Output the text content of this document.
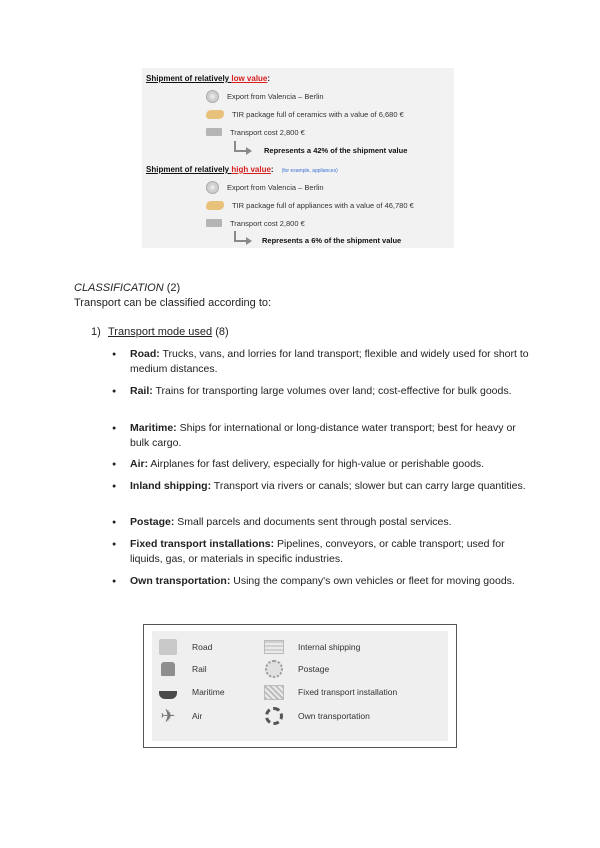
Shipment of relatively low value:
Export from Valencia – Berlin
TIR package full of ceramics with a value of 6,680 €
Transport cost 2,800 €
Represents a 42% of the shipment value
Shipment of relatively high value: (for example, appliances)
Export from Valencia – Berlin
TIR package full of appliances with a value of 46,780 €
Transport cost 2,800 €
Represents a 6% of the shipment value
CLASSIFICATION (2)
Transport can be classified according to:
1) Transport mode used (8)
● Road: Trucks, vans, and lorries for land transport; flexible and widely used for short to medium distances.
● Rail: Trains for transporting large volumes over land; cost-effective for bulk goods.
● Maritime: Ships for international or long-distance water transport; best for heavy or bulk cargo.
● Air: Airplanes for fast delivery, especially for high-value or perishable goods.
● Inland shipping: Transport via rivers or canals; slower but can carry large quantities.
● Postage: Small parcels and documents sent through postal services.
● Fixed transport installations: Pipelines, conveyors, or cable transport; used for liquids, gas, or materials in specific industries.
● Own transportation: Using the company's own vehicles or fleet for moving goods.
Road
Rail
Maritime
✈ Air
Internal shipping
Postage
Fixed transport installation
Own transportation
